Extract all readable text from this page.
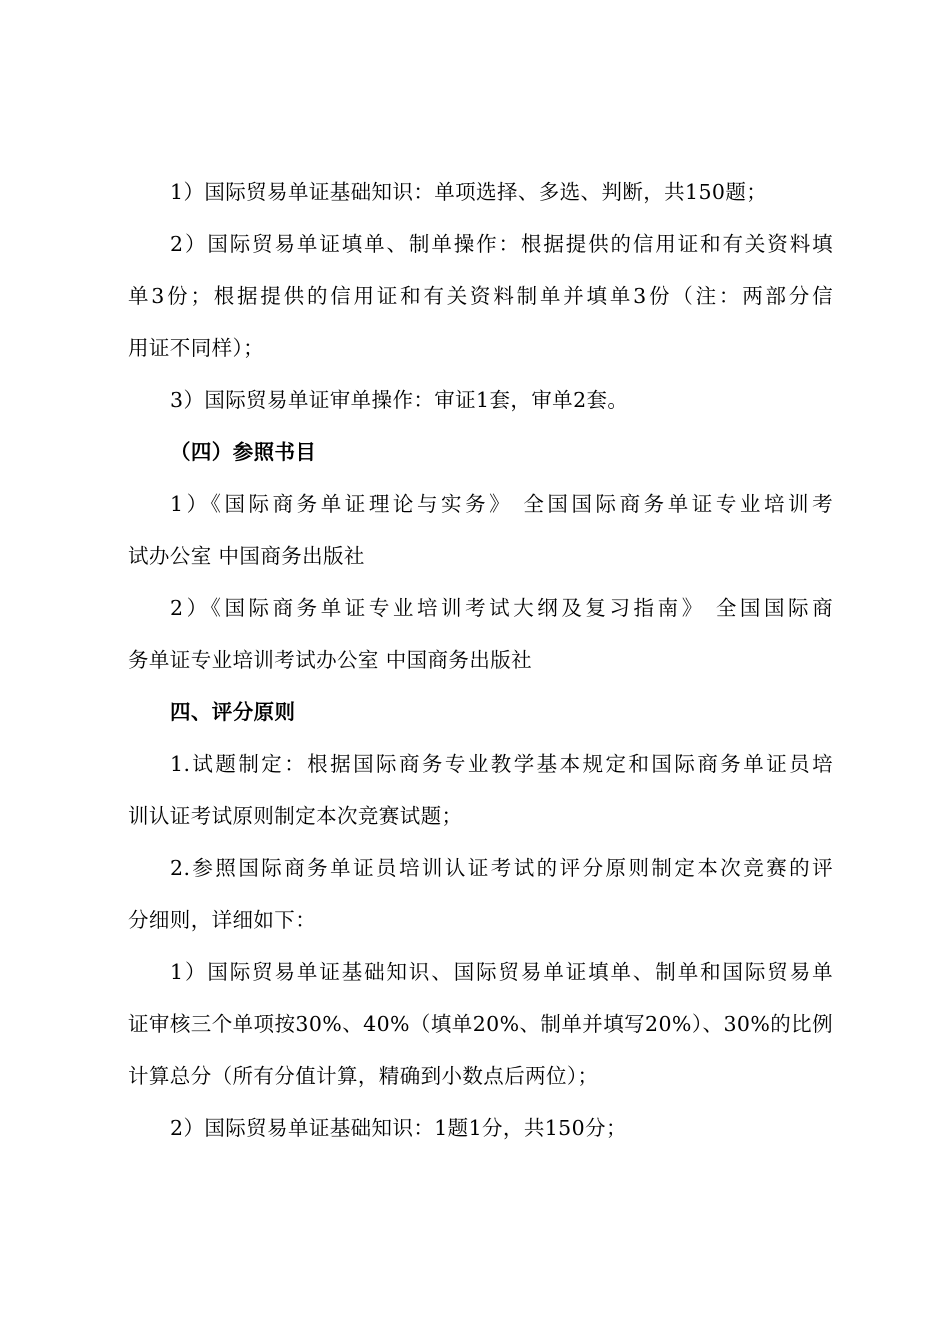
1）国际贸易单证基础知识：单项选择、多选、判断，共150题；
2）国际贸易单证填单、制单操作：根据提供的信用证和有关资料填
单3份；根据提供的信用证和有关资料制单并填单3份（注：两部分信
用证不同样）；
3）国际贸易单证审单操作：审证1套，审单2套。
（四）参照书目
1）《国际商务单证理论与实务》 全国国际商务单证专业培训考
试办公室 中国商务出版社
2）《国际商务单证专业培训考试大纲及复习指南》 全国国际商
务单证专业培训考试办公室 中国商务出版社
四、评分原则
1.试题制定：根据国际商务专业教学基本规定和国际商务单证员培
训认证考试原则制定本次竞赛试题；
2.参照国际商务单证员培训认证考试的评分原则制定本次竞赛的评
分细则，详细如下：
1）国际贸易单证基础知识、国际贸易单证填单、制单和国际贸易单
证审核三个单项按30%、40%（填单20%、制单并填写20%）、30%的比例
计算总分（所有分值计算，精确到小数点后两位）；
2）国际贸易单证基础知识：1题1分，共150分；
